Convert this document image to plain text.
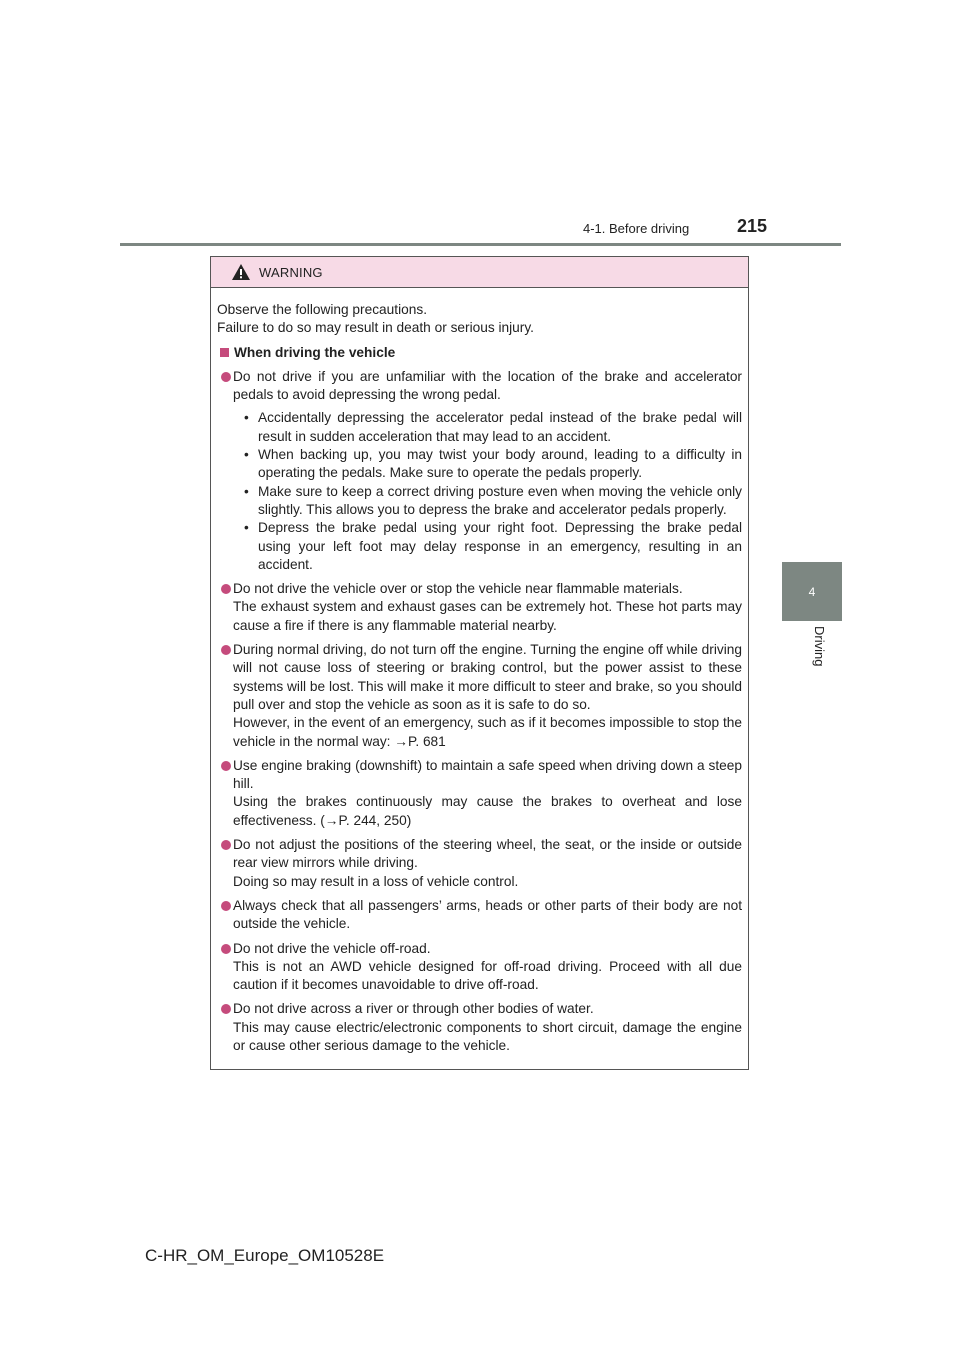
4-1. Before driving	215
4
Driving
WARNING

Observe the following precautions.

Failure to do so may result in death or serious injury.

When driving the vehicle

Do not drive if you are unfamiliar with the location of the brake and accelerator pedals to avoid depressing the wrong pedal.

• Accidentally depressing the accelerator pedal instead of the brake pedal will result in sudden acceleration that may lead to an accident.
• When backing up, you may twist your body around, leading to a difficulty in operating the pedals. Make sure to operate the pedals properly.
• Make sure to keep a correct driving posture even when moving the vehicle only slightly. This allows you to depress the brake and accelerator pedals properly.
• Depress the brake pedal using your right foot. Depressing the brake pedal using your left foot may delay response in an emergency, resulting in an accident.

Do not drive the vehicle over or stop the vehicle near flammable materials.

The exhaust system and exhaust gases can be extremely hot. These hot parts may cause a fire if there is any flammable material nearby.

During normal driving, do not turn off the engine. Turning the engine off while driving will not cause loss of steering or braking control, but the power assist to these systems will be lost. This will make it more difficult to steer and brake, so you should pull over and stop the vehicle as soon as it is safe to do so.

However, in the event of an emergency, such as if it becomes impossible to stop the vehicle in the normal way: →P. 681

Use engine braking (downshift) to maintain a safe speed when driving down a steep hill.

Using the brakes continuously may cause the brakes to overheat and lose effectiveness. (→P. 244, 250)

Do not adjust the positions of the steering wheel, the seat, or the inside or outside rear view mirrors while driving.

Doing so may result in a loss of vehicle control.

Always check that all passengers’ arms, heads or other parts of their body are not outside the vehicle.

Do not drive the vehicle off-road.

This is not an AWD vehicle designed for off-road driving. Proceed with all due caution if it becomes unavoidable to drive off-road.

Do not drive across a river or through other bodies of water.

This may cause electric/electronic components to short circuit, damage the engine or cause other serious damage to the vehicle.

C-HR_OM_Europe_OM10528E
